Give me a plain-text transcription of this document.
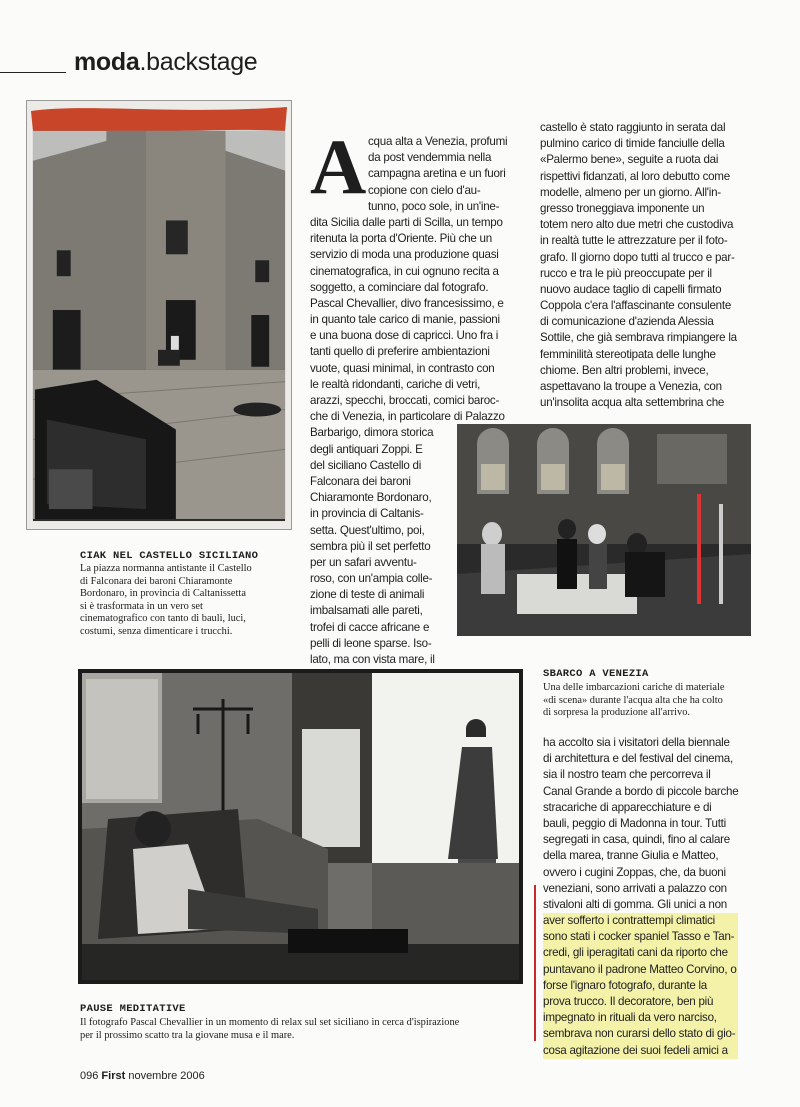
moda.backstage
CIAK NEL CASTELLO SICILIANO
La piazza normanna antistante il Castello
di Falconara dei baroni Chiaramonte
Bordonaro, in provincia di Caltanissetta
si è trasformata in un vero set
cinematografico con tanto di bauli, luci,
costumi, senza dimenticare i trucchi.
A cqua alta a Venezia, profumi
da post vendemmia nella
campagna aretina e un fuori
copione con cielo d'au-
tunno, poco sole, in un'ine-
dita Sicilia dalle parti di Scilla, un tempo
ritenuta la porta d'Oriente. Più che un
servizio di moda una produzione quasi
cinematografica, in cui ognuno recita a
soggetto, a cominciare dal fotografo.
Pascal Chevallier, divo francesissimo, e
in quanto tale carico di manie, passioni
e una buona dose di capricci. Uno fra i
tanti quello di preferire ambientazioni
vuote, quasi minimal, in contrasto con
le realtà ridondanti, cariche di vetri,
arazzi, specchi, broccati, comici baroc-
che di Venezia, in particolare di Palazzo
Barbarigo, dimora storica
degli antiquari Zoppi. E
del siciliano Castello di
Falconara dei baroni
Chiaramonte Bordonaro,
in provincia di Caltanis-
setta. Quest'ultimo, poi,
sembra più il set perfetto
per un safari avventu-
roso, con un'ampia colle-
zione di teste di animali
imbalsamati alle pareti,
trofei di cacce africane e
pelli di leone sparse. Iso-
lato, ma con vista mare, il
castello è stato raggiunto in serata dal
pulmino carico di timide fanciulle della
«Palermo bene», seguite a ruota dai
rispettivi fidanzati, al loro debutto come
modelle, almeno per un giorno. All'in-
gresso troneggiava imponente un
totem nero alto due metri che custodiva
in realtà tutte le attrezzature per il foto-
grafo. Il giorno dopo tutti al trucco e par-
rucco e tra le più preoccupate per il
nuovo audace taglio di capelli firmato
Coppola c'era l'affascinante consulente
di comunicazione d'azienda Alessia
Sottile, che già sembrava rimpiangere la
femminilità stereotipata delle lunghe
chiome. Ben altri problemi, invece,
aspettavano la troupe a Venezia, con
un'insolita acqua alta settembrina che
SBARCO A VENEZIA
Una delle imbarcazioni cariche di materiale
«di scena» durante l'acqua alta che ha colto
di sorpresa la produzione all'arrivo.
PAUSE MEDITATIVE
Il fotografo Pascal Chevallier in un momento di relax sul set siciliano in cerca d'ispirazione
per il prossimo scatto tra la giovane musa e il mare.
ha accolto sia i visitatori della biennale
di architettura e del festival del cinema,
sia il nostro team che percorreva il
Canal Grande a bordo di piccole barche
stracariche di apparecchiature e di
bauli, peggio di Madonna in tour. Tutti
segregati in casa, quindi, fino al calare
della marea, tranne Giulia e Matteo,
ovvero i cugini Zoppas, che, da buoni
veneziani, sono arrivati a palazzo con
stivaloni alti di gomma. Gli unici a non
aver sofferto i contrattempi climatici
sono stati i cocker spaniel Tasso e Tan-
credi, gli iperagitati cani da riporto che
puntavano il padrone Matteo Corvino, o
forse l'ignaro fotografo, durante la
prova trucco. Il decoratore, ben più
impegnato in rituali da vero narciso,
sembrava non curarsi dello stato di gio-
cosa agitazione dei suoi fedeli amici a
096 First novembre 2006
